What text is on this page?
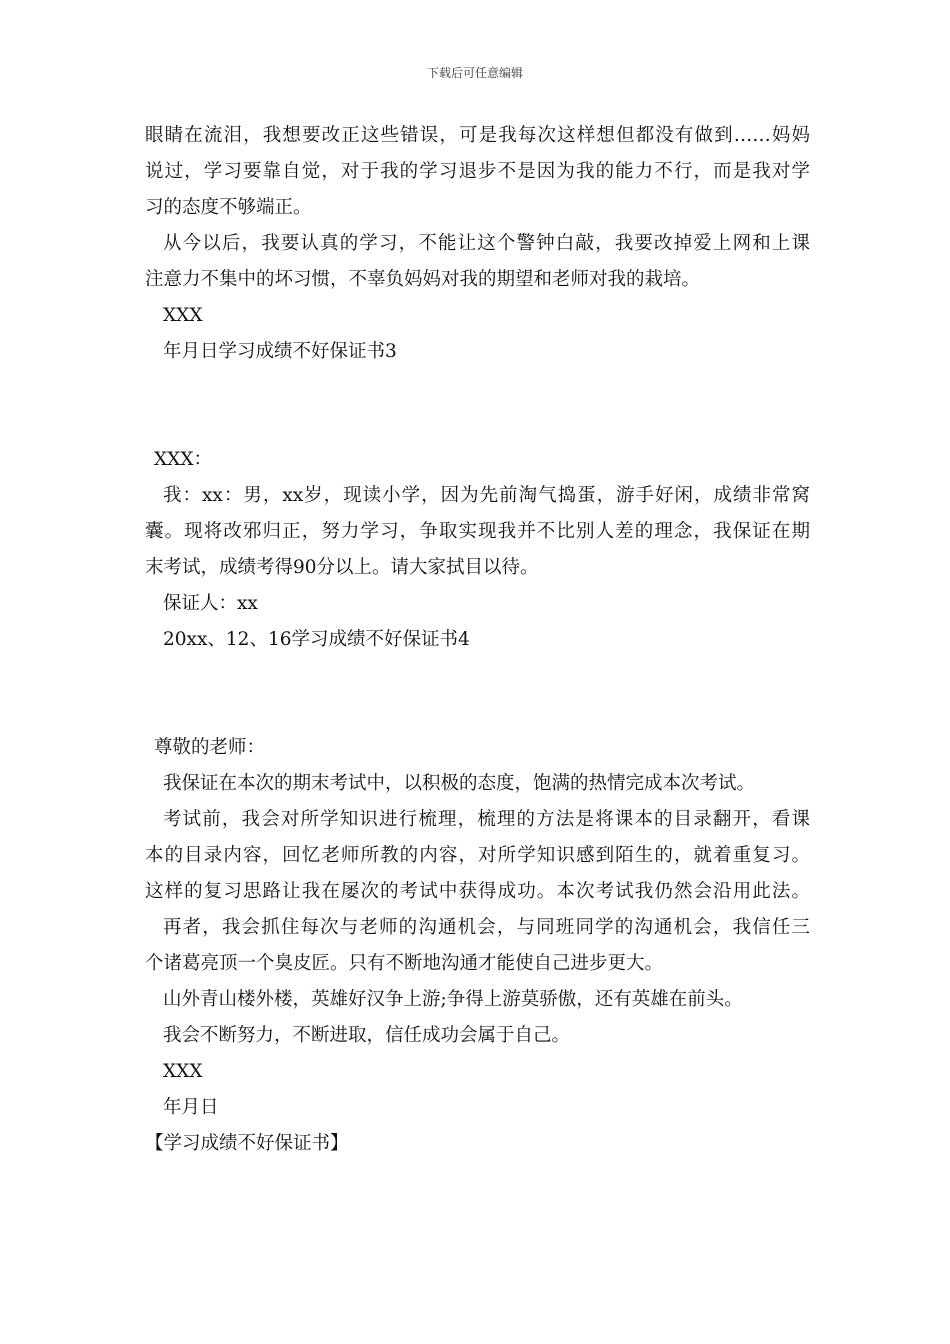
下载后可任意编辑
眼睛在流泪，我想要改正这些错误，可是我每次这样想但都没有做到……妈妈
说过，学习要靠自觉，对于我的学习退步不是因为我的能力不行，而是我对学
习的态度不够端正。
从今以后，我要认真的学习，不能让这个警钟白敲，我要改掉爱上网和上课
注意力不集中的坏习惯，不辜负妈妈对我的期望和老师对我的栽培。
XXX
年月日学习成绩不好保证书3
XXX：
我：xx：男，xx岁，现读小学，因为先前淘气捣蛋，游手好闲，成绩非常窝
囊。现将改邪归正，努力学习，争取实现我并不比别人差的理念，我保证在期
末考试，成绩考得90分以上。请大家拭目以待。
保证人：xx
20xx、12、16学习成绩不好保证书4
尊敬的老师：
我保证在本次的期末考试中，以积极的态度，饱满的热情完成本次考试。
考试前，我会对所学知识进行梳理，梳理的方法是将课本的目录翻开，看课
本的目录内容，回忆老师所教的内容，对所学知识感到陌生的，就着重复习。
这样的复习思路让我在屡次的考试中获得成功。本次考试我仍然会沿用此法。
再者，我会抓住每次与老师的沟通机会，与同班同学的沟通机会，我信任三
个诸葛亮顶一个臭皮匠。只有不断地沟通才能使自己进步更大。
山外青山楼外楼，英雄好汉争上游;争得上游莫骄傲，还有英雄在前头。
我会不断努力，不断进取，信任成功会属于自己。
XXX
年月日
【学习成绩不好保证书】
